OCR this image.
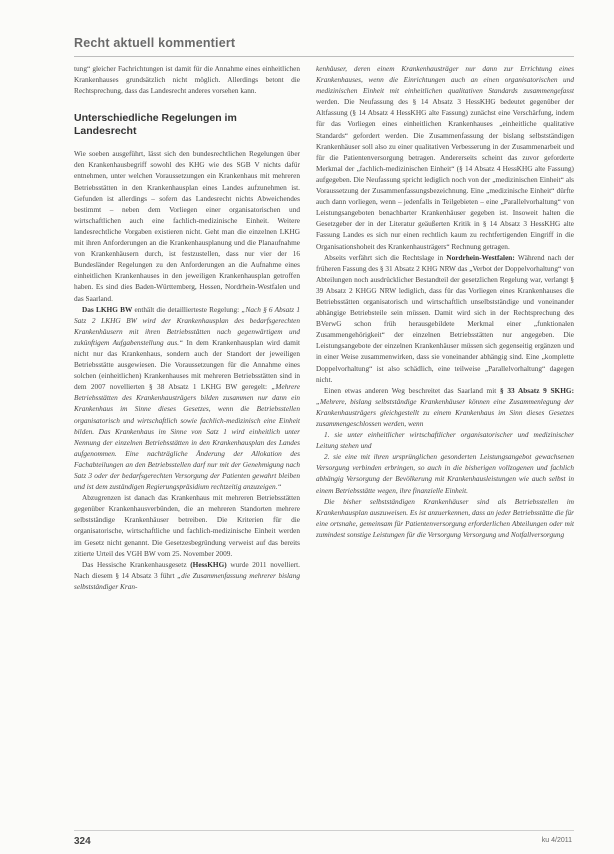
Recht aktuell kommentiert

tung“ gleicher Fachrichtungen ist damit für die Annahme eines einheitlichen Krankenhauses grundsätzlich nicht möglich. Allerdings betont die Rechtsprechung, dass das Landesrecht anderes vorsehen kann.

Unterschiedliche Regelungen im Landesrecht

Wie soeben ausgeführt, lässt sich den bundesrechtlichen Regelungen über den Krankenhausbegriff sowohl des KHG wie des SGB V nichts dafür entnehmen, unter welchen Voraussetzungen ein Krankenhaus mit mehreren Betriebsstätten in den Krankenhausplan eines Landes aufzunehmen ist. Gefunden ist allerdings – sofern das Landesrecht nichts Abweichendes bestimmt – neben dem Vorliegen einer organisatorischen und wirtschaftlichen auch eine fachlich-medizinische Einheit. Weitere landesrechtliche Vorgaben existieren nicht. Geht man die einzelnen LKHG mit ihren Anforderungen an die Krankenhausplanung und die Planaufnahme von Krankenhäusern durch, ist festzustellen, dass nur vier der 16 Bundesländer Regelungen zu den Anforderungen an die Aufnahme eines einheitlichen Krankenhauses in den jeweiligen Krankenhausplan getroffen haben. Es sind dies Baden-Württemberg, Hessen, Nordrhein-Westfalen und das Saarland.

Das LKHG BW enthält die detaillierteste Regelung: „Nach § 6 Absatz 1 Satz 2 LKHG BW wird der Krankenhausplan des bedarfsgerechten Krankenhäusern mit ihren Betriebsstätten nach gegenwärtigem und zukünftigem Aufgabenstellung aus.“ In dem Krankenhausplan wird damit nicht nur das Krankenhaus, sondern auch der Standort der jeweiligen Betriebsstätte ausgewiesen. Die Voraussetzungen für die Annahme eines solchen (einheitlichen) Krankenhauses mit mehreren Betriebsstätten sind in dem 2007 novellierten § 38 Absatz 1 LKHG BW geregelt: „Mehrere Betriebsstätten des Krankenhausträgers bilden zusammen nur dann ein Krankenhaus im Sinne dieses Gesetzes, wenn die Betriebsstellen organisatorisch und wirtschaftlich sowie fachlich-medizinisch eine Einheit bilden. Das Krankenhaus im Sinne von Satz 1 wird einheitlich unter Nennung der einzelnen Betriebsstätten in den Krankenhausplan des Landes aufgenommen. Eine nachträgliche Änderung der Allokation des Fachabteilungen an den Betriebsstellen darf nur mit der Genehmigung nach Satz 3 oder der bedarfsgerechten Versorgung der Patienten gewahrt bleiben und ist dem zuständigen Regierungspräsidium rechtzeitig anzuzeigen.“

Abzugrenzen ist danach das Krankenhaus mit mehreren Betriebsstätten gegenüber Krankenhausverbünden, die an mehreren Standorten mehrere selbstständige Krankenhäuser betreiben. Die Kriterien für die organisatorische, wirtschaftliche und fachlich-medizinische Einheit werden im Gesetz nicht genannt. Die Gesetzesbegründung verweist auf das bereits zitierte Urteil des VGH BW vom 25. November 2009.

Das Hessische Krankenhausgesetz (HessKHG) wurde 2011 novelliert. Nach diesem § 14 Absatz 3 führt „die Zusammenfassung mehrerer bislang selbstständiger Kran-

kenhäuser, deren einem Krankenhausträger nur dann zur Errichtung eines Krankenhauses, wenn die Einrichtungen auch an einen organisatorischen und medizinischen Einheit mit einheitlichen qualitativen Standards zusammengefasst werden. Die Neufassung des § 14 Absatz 3 HessKHG bedeutet gegenüber der Altfassung (§ 14 Absatz 4 HessKHG alte Fassung) zunächst eine Verschärfung, indem für das Vorliegen eines einheitlichen Krankenhauses „einheitliche qualitative Standards“ gefordert werden. Die Zusammenfassung der bislang selbstständigen Krankenhäuser soll also zu einer qualitativen Verbesserung in der Zusammenarbeit und für die Patientenversorgung betragen. Andererseits scheint das zuvor geforderte Merkmal der „fachlich-medizinischen Einheit“ (§ 14 Absatz 4 HessKHG alte Fassung) aufgegeben. Die Neufassung spricht lediglich noch von der „medizinischen Einheit“ als Voraussetzung der Zusammenfassungsbezeichnung. Eine „medizinische Einheit“ dürfte auch dann vorliegen, wenn – jedenfalls in Teilgebieten – eine „Parallelvorhaltung“ von Leistungsangeboten benachbarter Krankenhäuser gegeben ist. Insoweit halten die Gesetzgeber der in der Literatur geäußerten Kritik in § 14 Absatz 3 HessKHG alte Fassung Landes es sich nur einen rechtlich kaum zu rechtfertigenden Eingriff in die Organisationshoheit des Krankenhausträgers“ Rechnung getragen.

Abseits verfährt sich die Rechtslage in Nordrhein-Westfalen: Während nach der früheren Fassung des § 31 Absatz 2 KHG NRW das „Verbot der Doppelvorhaltung“ von Abteilungen noch ausdrücklicher Bestandteil der gesetzlichen Regelung war, verlangt § 39 Absatz 2 KHGG NRW lediglich, dass für das Vorliegen eines Krankenhauses die Betriebsstätten organisatorisch und wirtschaftlich unselbstständige und voneinander abhängige Betriebsteile sein müssen. Damit wird sich in der Rechtsprechung des BVerwG schon früh herausgebildete Merkmal einer „funktionalen Zusammengehörigkeit“ der einzelnen Betriebsstätten nur angegeben. Die Leistungsangebote der einzelnen Krankenhäuser müssen sich gegenseitig ergänzen und in einer Weise zusammenwirken, dass sie voneinander abhängig sind. Eine „komplette Doppelvorhaltung“ ist also schädlich, eine teilweise „Parallelvorhaltung“ dagegen nicht.

Einen etwas anderen Weg beschreitet das Saarland mit § 33 Absatz 9 SKHG: „Mehrere, bislang selbstständige Krankenhäuser können eine Zusammenlegung der Krankenhausträgers gleichgestellt zu einem Krankenhaus im Sinn dieses Gesetzes zusammengeschlossen werden, wenn

1. sie unter einheitlicher wirtschaftlicher organisatorischer und medizinischer Leitung stehen und

2. sie eine mit ihren ursprünglichen gesonderten Leistungsangebot gewachsenen Versorgung verbinden erbringen, so auch in die bisherigen vollzogenen und fachlich abhängig Versorgung der Bevölkerung mit Krankenhausleistungen wie auch selbst in einem Betriebsstätte wegen, ihre finanzielle Einheit.

Die bisher selbstständigen Krankenhäuser sind als Betriebsstellen im Krankenhausplan auszuweisen. Es ist anzuerkennen, dass an jeder Betriebsstätte die für eine ortsnahe, gemeinsam für Patientenversorgung erforderlichen Abteilungen oder mit zumindest sonstige Leistungen für die Versorgung Versorgung und Notfallversorgung

324	ku 4/2011
